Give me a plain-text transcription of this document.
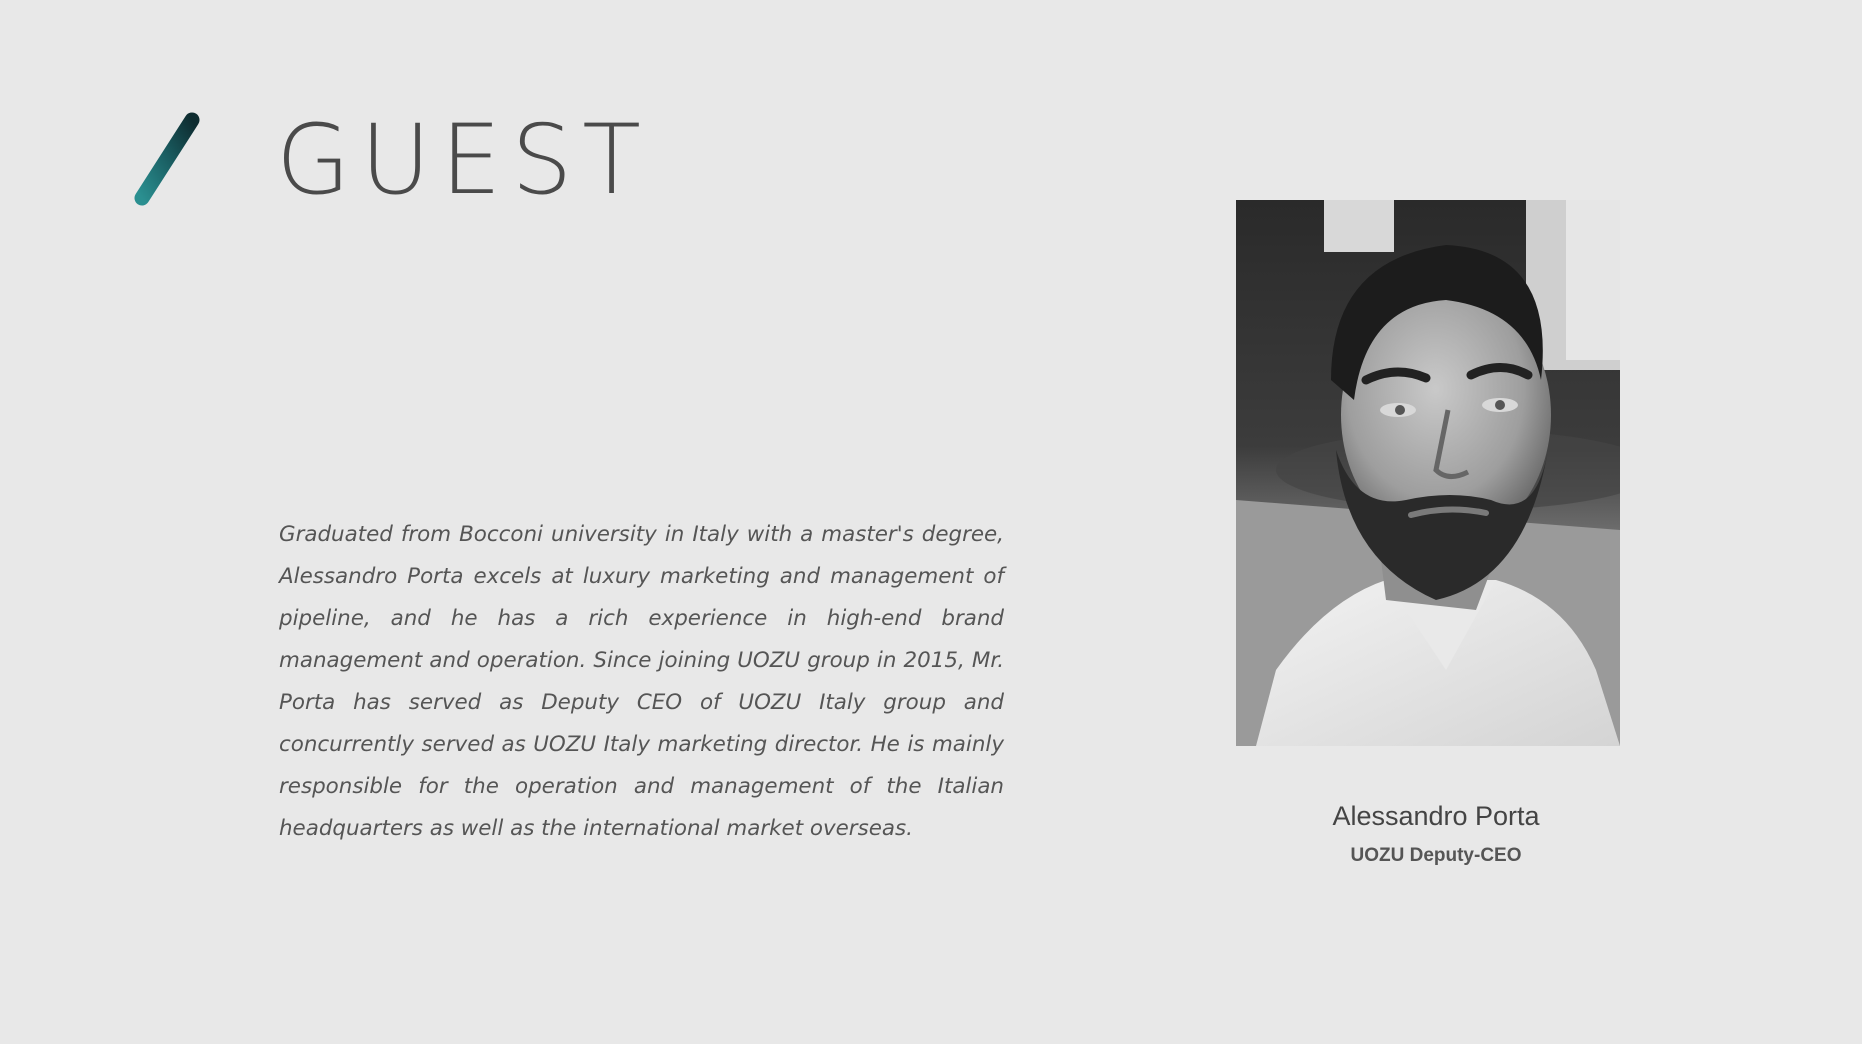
GUEST

Graduated from Bocconi university in Italy with a master's degree, Alessandro Porta excels at luxury marketing and management of pipeline, and he has a rich experience in high-end brand management and operation. Since joining UOZU group in 2015, Mr. Porta has served as Deputy CEO of UOZU Italy group and concurrently served as UOZU Italy marketing director. He is mainly responsible for the operation and management of the Italian headquarters as well as the international market overseas.	Alessandro Porta
UOZU Deputy-CEO
